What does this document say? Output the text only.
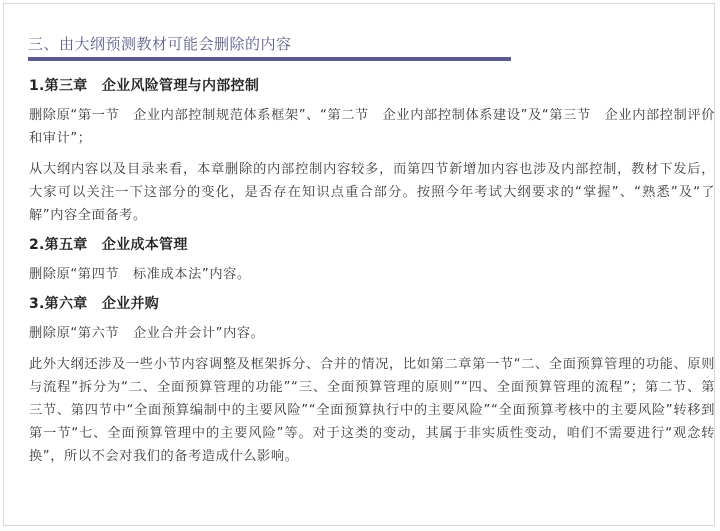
三、由大纲预测教材可能会删除的内容
1.第三章　企业风险管理与内部控制
删除原“第一节　企业内部控制规范体系框架”、“第二节　企业内部控制体系建设”及“第三节　企业内部控制评价和审计”；
从大纲内容以及目录来看，本章删除的内部控制内容较多，而第四节新增加内容也涉及内部控制，教材下发后，大家可以关注一下这部分的变化，是否存在知识点重合部分。按照今年考试大纲要求的“掌握”、“熟悉”及“了解”内容全面备考。
2.第五章　企业成本管理
删除原“第四节　标准成本法”内容。
3.第六章　企业并购
删除原“第六节　企业合并会计”内容。
此外大纲还涉及一些小节内容调整及框架拆分、合并的情况，比如第二章第一节“二、全面预算管理的功能、原则与流程”拆分为“二、全面预算管理的功能”“三、全面预算管理的原则”“四、全面预算管理的流程”；第二节、第三节、第四节中“全面预算编制中的主要风险”“全面预算执行中的主要风险”“全面预算考核中的主要风险”转移到第一节“七、全面预算管理中的主要风险”等。对于这类的变动，其属于非实质性变动，咱们不需要进行“观念转换”，所以不会对我们的备考造成什么影响。
